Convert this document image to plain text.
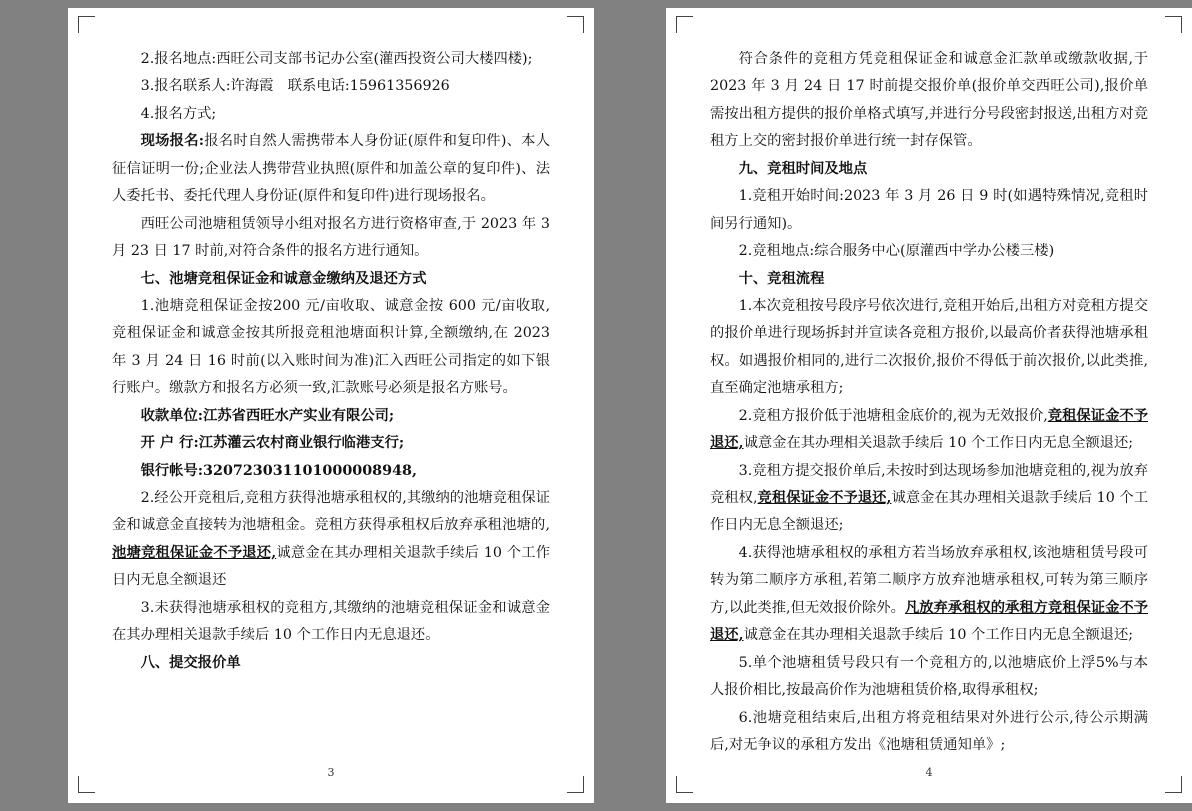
2.报名地点:西旺公司支部书记办公室(灌西投资公司大楼四楼);

3.报名联系人:许海霞　联系电话:15961356926

4.报名方式;

现场报名:报名时自然人需携带本人身份证(原件和复印件)、本人征信证明一份;企业法人携带营业执照(原件和加盖公章的复印件)、法人委托书、委托代理人身份证(原件和复印件)进行现场报名。

西旺公司池塘租赁领导小组对报名方进行资格审查,于 2023 年 3 月 23 日 17 时前,对符合条件的报名方进行通知。

七、池塘竞租保证金和诚意金缴纳及退还方式

1.池塘竞租保证金按200 元/亩收取、诚意金按 600 元/亩收取,竞租保证金和诚意金按其所报竞租池塘面积计算,全额缴纳,在 2023 年 3 月 24 日 16 时前(以入账时间为准)汇入西旺公司指定的如下银行账户。缴款方和报名方必须一致,汇款账号必须是报名方账号。

收款单位:江苏省西旺水产实业有限公司;

开 户 行:江苏灌云农村商业银行临港支行;

银行帐号:320723031101000008948,

2.经公开竞租后,竞租方获得池塘承租权的,其缴纳的池塘竞租保证金和诚意金直接转为池塘租金。竞租方获得承租权后放弃承租池塘的,池塘竞租保证金不予退还,诚意金在其办理相关退款手续后 10 个工作日内无息全额退还

3.未获得池塘承租权的竞租方,其缴纳的池塘竞租保证金和诚意金在其办理相关退款手续后 10 个工作日内无息退还。

八、提交报价单

3

符合条件的竞租方凭竞租保证金和诚意金汇款单或缴款收据,于 2023 年 3 月 24 日 17 时前提交报价单(报价单交西旺公司),报价单需按出租方提供的报价单格式填写,并进行分号段密封报送,出租方对竞租方上交的密封报价单进行统一封存保管。

九、竞租时间及地点

1.竞租开始时间:2023 年 3 月 26 日 9 时(如遇特殊情况,竞租时间另行通知)。

2.竞租地点:综合服务中心(原灌西中学办公楼三楼)

十、竞租流程

1.本次竞租按号段序号依次进行,竞租开始后,出租方对竞租方提交的报价单进行现场拆封并宣读各竞租方报价,以最高价者获得池塘承租权。如遇报价相同的,进行二次报价,报价不得低于前次报价,以此类推,直至确定池塘承租方;

2.竞租方报价低于池塘租金底价的,视为无效报价,竞租保证金不予退还,诚意金在其办理相关退款手续后 10 个工作日内无息全额退还;

3.竞租方提交报价单后,未按时到达现场参加池塘竞租的,视为放弃竞租权,竞租保证金不予退还,诚意金在其办理相关退款手续后 10 个工作日内无息全额退还;

4.获得池塘承租权的承租方若当场放弃承租权,该池塘租赁号段可转为第二顺序方承租,若第二顺序方放弃池塘承租权,可转为第三顺序方,以此类推,但无效报价除外。凡放弃承租权的承租方竞租保证金不予退还,诚意金在其办理相关退款手续后 10 个工作日内无息全额退还;

5.单个池塘租赁号段只有一个竞租方的,以池塘底价上浮5%与本人报价相比,按最高价作为池塘租赁价格,取得承租权;

6.池塘竞租结束后,出租方将竞租结果对外进行公示,待公示期满后,对无争议的承租方发出《池塘租赁通知单》;

4
